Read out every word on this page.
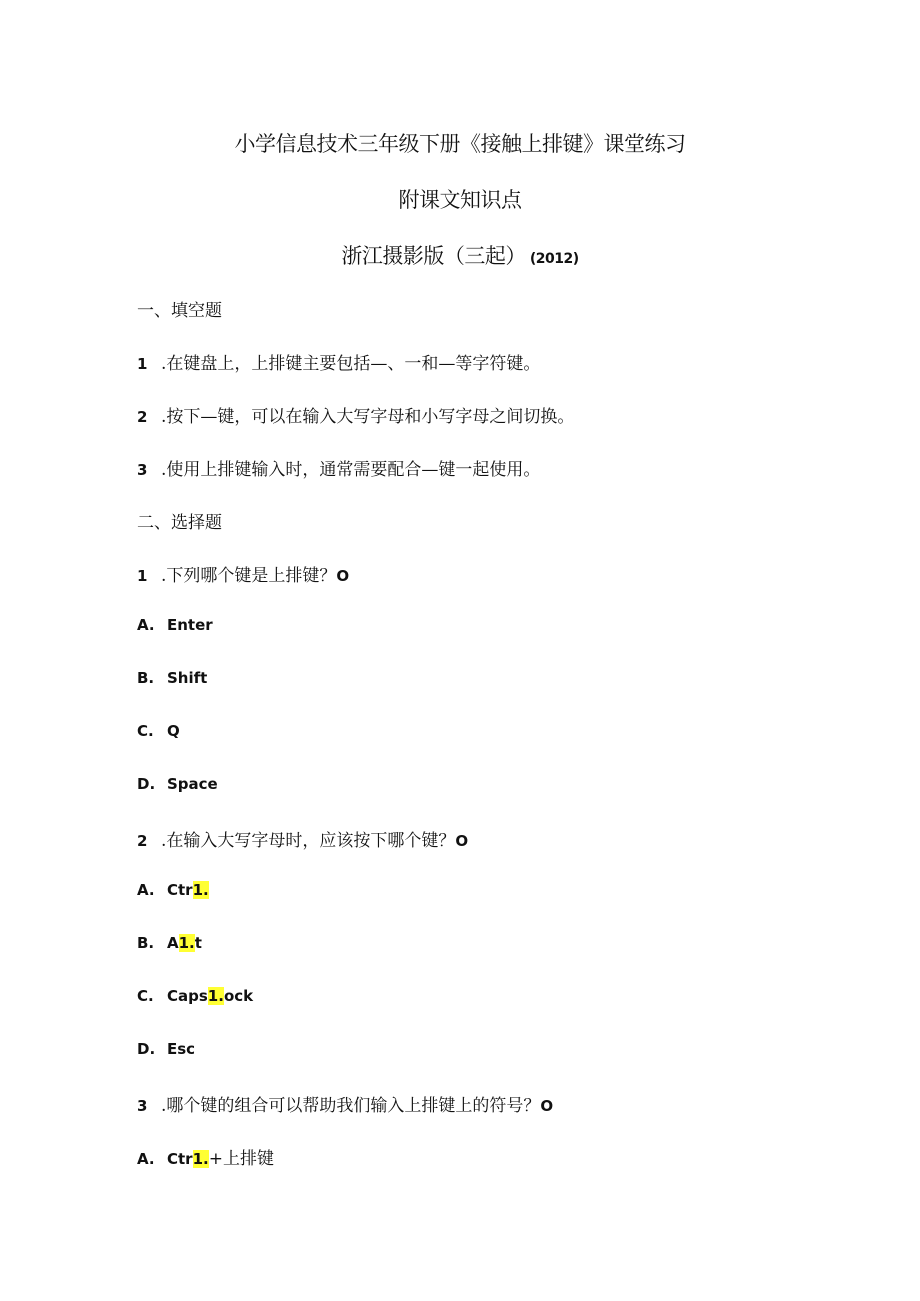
小学信息技术三年级下册《接触上排键》课堂练习
附课文知识点
浙江摄影版（三起） (2012)
一、填空题
1 .在键盘上，上排键主要包括—、一和—等字符键。
2 .按下—键，可以在输入大写字母和小写字母之间切换。
3 .使用上排键输入时，通常需要配合—键一起使用。
二、选择题
1 .下列哪个键是上排键？O
A. Enter
B. Shift
C. Q
D. Space
2 .在输入大写字母时，应该按下哪个键？O
A. Ctr1.
B. A1.t
C. Caps1.ock
D. Esc
3 .哪个键的组合可以帮助我们输入上排键上的符号？O
A. Ctr1.+上排键
